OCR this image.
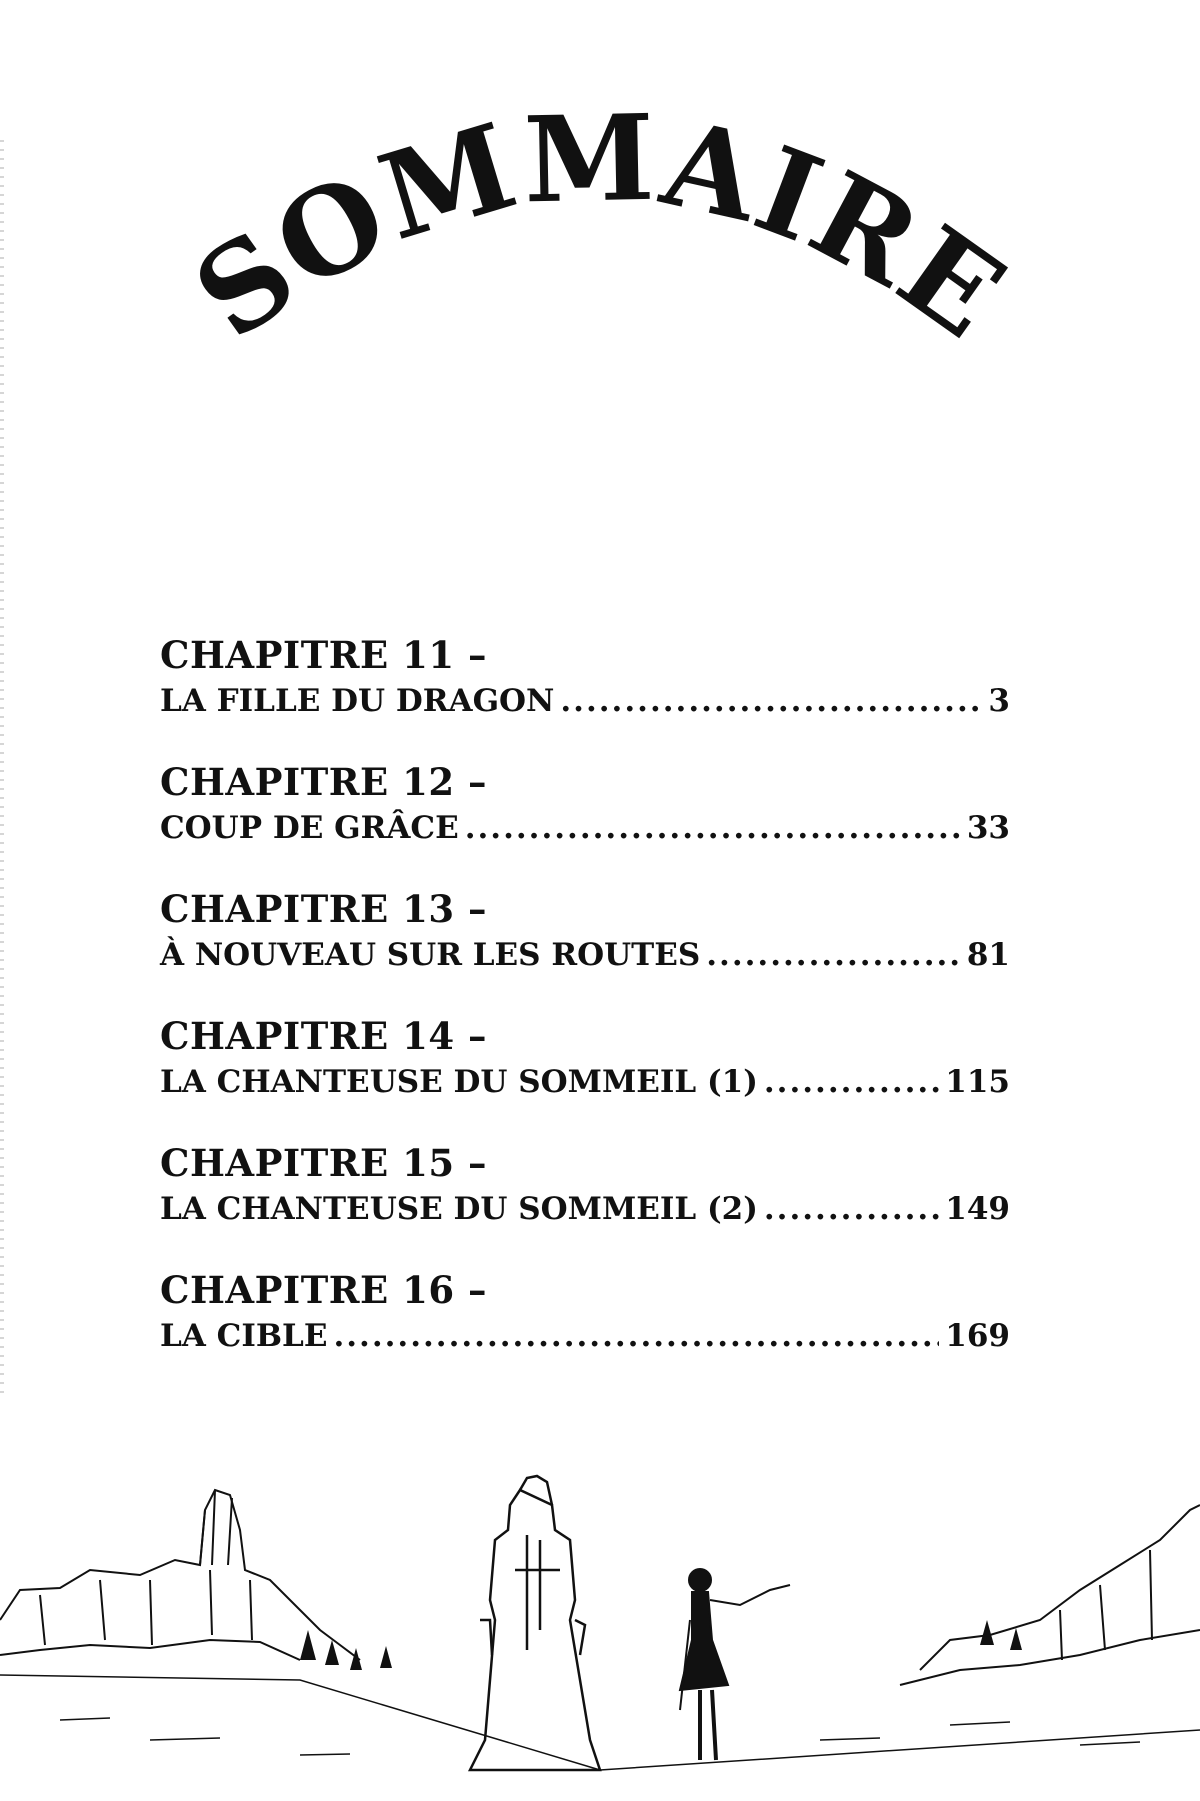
SOMMAIRE
CHAPITRE 11 –
LA FILLE DU DRAGON .....	3
CHAPITRE 12 –
COUP DE GRÂCE .....	33
CHAPITRE 13 –
À NOUVEAU SUR LES ROUTES .....	81
CHAPITRE 14 –
LA CHANTEUSE DU SOMMEIL (1) .....	115
CHAPITRE 15 –
LA CHANTEUSE DU SOMMEIL (2) .....	149
CHAPITRE 16 –
LA CIBLE .....	169
